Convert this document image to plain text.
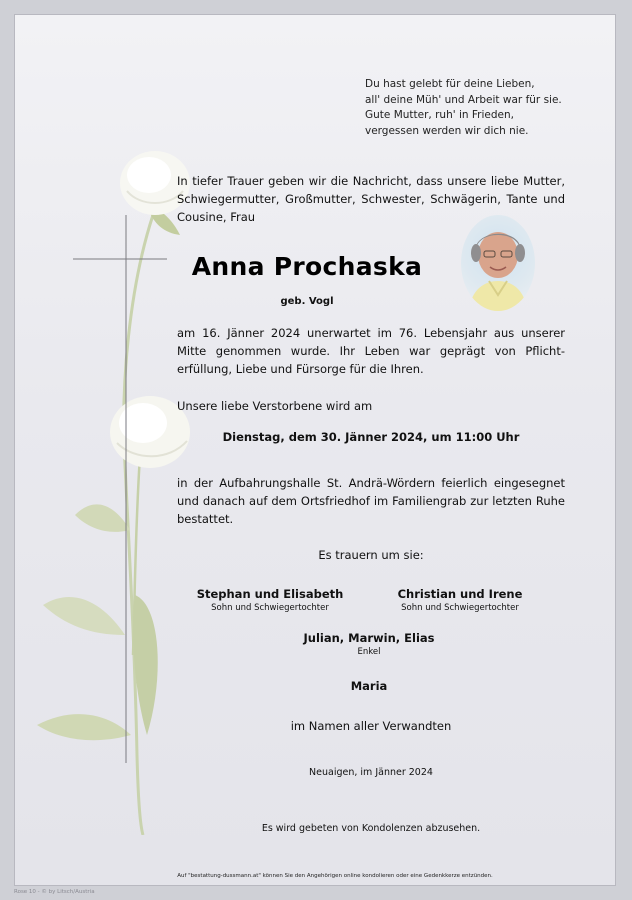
Du hast gelebt für deine Lieben,
all' deine Müh' und Arbeit war für sie.
Gute Mutter, ruh' in Frieden,
vergessen werden wir dich nie.

In tiefer Trauer geben wir die Nachricht, dass unsere liebe Mutter, Schwiegermutter, Großmutter, Schwester, Schwägerin, Tante und Cousine, Frau

Anna Prochaska
geb. Vogl

am 16. Jänner 2024 unerwartet im 76. Lebensjahr aus unserer Mitte genommen wurde. Ihr Leben war geprägt von Pflicht-erfüllung, Liebe und Fürsorge für die Ihren.

Unsere liebe Verstorbene wird am

Dienstag, dem 30. Jänner 2024, um 11:00 Uhr

in der Aufbahrungshalle St. Andrä-Wördern feierlich eingesegnet und danach auf dem Ortsfriedhof im Familiengrab zur letzten Ruhe bestattet.

Es trauern um sie:
Stephan und Elisabeth
Sohn und Schwiegertochter
Christian und Irene
Sohn und Schwiegertochter
Julian, Marwin, Elias
Enkel
Maria
im Namen aller Verwandten
Neuaigen, im Jänner 2024
Es wird gebeten von Kondolenzen abzusehen.
Auf "bestattung-dussmann.at" können Sie den Angehörigen online kondolieren oder eine Gedenkkerze entzünden.
Rose 10 - © by Litsch/Austria
